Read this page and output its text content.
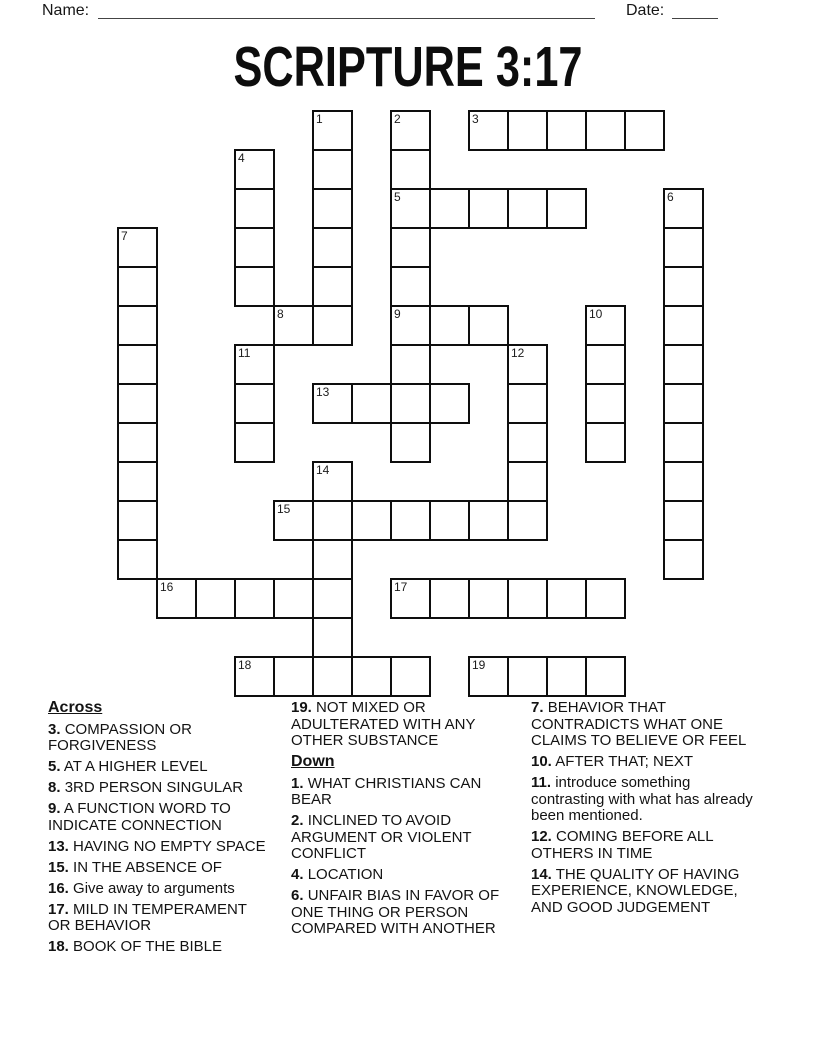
Name:	Date:
SCRIPTURE 3:17
1	2	3
4
5	6
7
8	9	10
11	12
13
14
15
16	17
18	19
Across
3. COMPASSION OR FORGIVENESS
5. AT A HIGHER LEVEL
8. 3RD PERSON SINGULAR
9. A FUNCTION WORD TO INDICATE CONNECTION
13. HAVING NO EMPTY SPACE
15. IN THE ABSENCE OF
16. Give away to arguments
17. MILD IN TEMPERAMENT OR BEHAVIOR
18. BOOK OF THE BIBLE
19. NOT MIXED OR ADULTERATED WITH ANY OTHER SUBSTANCE
Down
1. WHAT CHRISTIANS CAN BEAR
2. INCLINED TO AVOID ARGUMENT OR VIOLENT CONFLICT
4. LOCATION
6. UNFAIR BIAS IN FAVOR OF ONE THING OR PERSON COMPARED WITH ANOTHER
7. BEHAVIOR THAT CONTRADICTS WHAT ONE CLAIMS TO BELIEVE OR FEEL
10. AFTER THAT; NEXT
11. introduce something contrasting with what has already been mentioned.
12. COMING BEFORE ALL OTHERS IN TIME
14. THE QUALITY OF HAVING EXPERIENCE, KNOWLEDGE, AND GOOD JUDGEMENT
